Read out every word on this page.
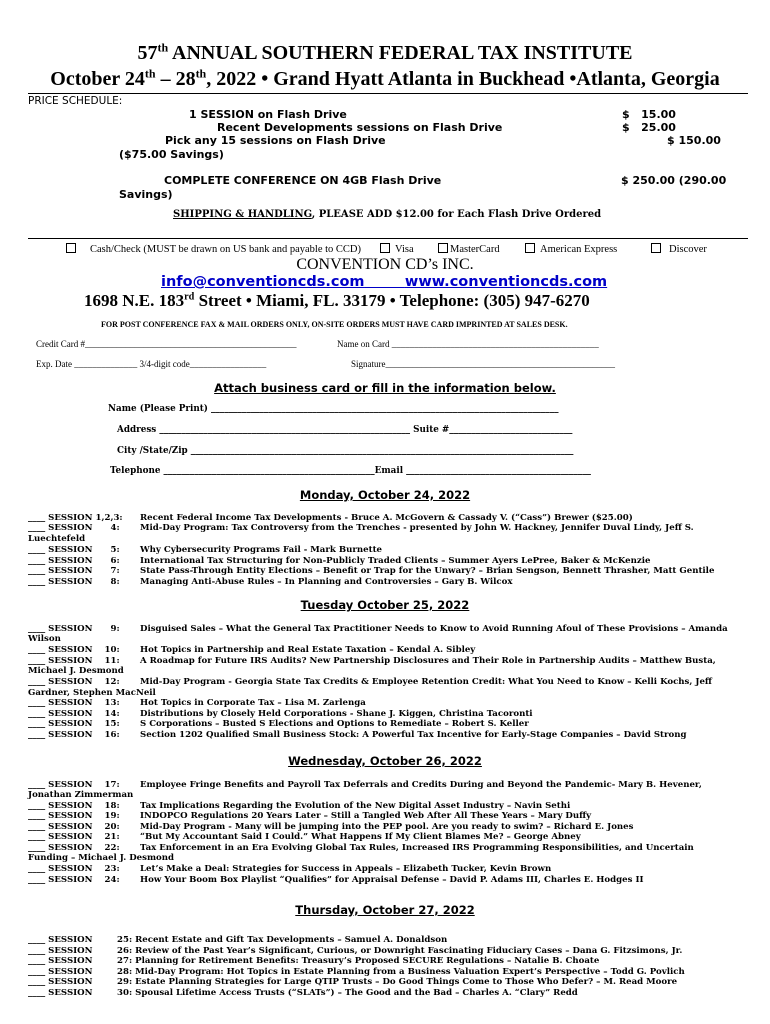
57th ANNUAL SOUTHERN FEDERAL TAX INSTITUTE
October 24th – 28th, 2022 • Grand Hyatt Atlanta in Buckhead •Atlanta, Georgia
PRICE SCHEDULE:
1 SESSION on Flash Drive	$   15.00
Recent Developments sessions on Flash Drive	$   25.00
Pick any 15 sessions on Flash Drive	$ 150.00
($75.00 Savings)
COMPLETE CONFERENCE ON 4GB Flash Drive	$ 250.00 (290.00
Savings)
SHIPPING & HANDLING, PLEASE ADD $12.00 for Each Flash Drive Ordered
Cash/Check (MUST be drawn on US bank and payable to CCD)	Visa	MasterCard	American Express	Discover
CONVENTION CD’s INC.
info@conventioncds.com	www.conventioncds.com
1698 N.E. 183rd Street • Miami, FL. 33179 • Telephone: (305) 947-6270
FOR POST CONFERENCE FAX & MAIL ORDERS ONLY, ON-SITE ORDERS MUST HAVE CARD IMPRINTED AT SALES DESK.
Credit Card #_______________________________________________	Name on Card ______________________________________________
Exp. Date ______________ 3/4-digit code_________________	Signature___________________________________________________
Attach business card or fill in the information below.
Name (Please Print) _______________________________________________________________________________
Address _________________________________________________________ Suite #____________________________
City /State/Zip _______________________________________________________________________________________
Telephone ________________________________________________Email __________________________________________
Monday, October 24, 2022
____ SESSION 1,2,3: Recent Federal Income Tax Developments - Bruce A. McGovern & Cassady V. (“Cass”) Brewer ($25.00)
____ SESSION      4: Mid-Day Program: Tax Controversy from the Trenches - presented by John W. Hackney, Jennifer Duval Lindy, Jeff S.
Luechtefeld
____ SESSION      5: Why Cybersecurity Programs Fail - Mark Burnette
____ SESSION      6: International Tax Structuring for Non-Publicly Traded Clients – Summer Ayers LePree, Baker & McKenzie
____ SESSION      7: State Pass-Through Entity Elections – Benefit or Trap for the Unwary? – Brian Sengson, Bennett Thrasher, Matt Gentile
____ SESSION      8: Managing Anti-Abuse Rules – In Planning and Controversies – Gary B. Wilcox
Tuesday October 25, 2022
____ SESSION      9: Disguised Sales – What the General Tax Practitioner Needs to Know to Avoid Running Afoul of These Provisions – Amanda
Wilson
____ SESSION    10: Hot Topics in Partnership and Real Estate Taxation – Kendal A. Sibley
____ SESSION    11: A Roadmap for Future IRS Audits? New Partnership Disclosures and Their Role in Partnership Audits – Matthew Busta,
Michael J. Desmond
____ SESSION    12: Mid-Day Program - Georgia State Tax Credits & Employee Retention Credit: What You Need to Know – Kelli Kochs, Jeff
Gardner, Stephen MacNeil
____ SESSION    13: Hot Topics in Corporate Tax – Lisa M. Zarlenga
____ SESSION    14: Distributions by Closely Held Corporations - Shane J. Kiggen, Christina Tacoronti
____ SESSION    15: S Corporations – Busted S Elections and Options to Remediate – Robert S. Keller
____ SESSION    16: Section 1202 Qualified Small Business Stock: A Powerful Tax Incentive for Early-Stage Companies – David Strong
Wednesday, October 26, 2022
____ SESSION    17: Employee Fringe Benefits and Payroll Tax Deferrals and Credits During and Beyond the Pandemic- Mary B. Hevener,
Jonathan Zimmerman
____ SESSION    18: Tax Implications Regarding the Evolution of the New Digital Asset Industry – Navin Sethi
____ SESSION    19: INDOPCO Regulations 20 Years Later – Still a Tangled Web After All These Years – Mary Duffy
____ SESSION    20: Mid-Day Program - Many will be jumping into the PEP pool. Are you ready to swim? – Richard E. Jones
____ SESSION    21: “But My Accountant Said I Could.” What Happens If My Client Blames Me? – George Abney
____ SESSION    22: Tax Enforcement in an Era Evolving Global Tax Rules, Increased IRS Programming Responsibilities, and Uncertain
Funding – Michael J. Desmond
____ SESSION    23: Let’s Make a Deal: Strategies for Success in Appeals – Elizabeth Tucker, Kevin Brown
____ SESSION    24: How Your Boom Box Playlist “Qualifies” for Appraisal Defense – David P. Adams III, Charles E. Hodges II
Thursday, October 27, 2022
____ SESSION	25: Recent Estate and Gift Tax Developments – Samuel A. Donaldson
____ SESSION	26: Review of the Past Year’s Significant, Curious, or Downright Fascinating Fiduciary Cases – Dana G. Fitzsimons, Jr.
____ SESSION	27: Planning for Retirement Benefits: Treasury’s Proposed SECURE Regulations – Natalie B. Choate
____ SESSION	28: Mid-Day Program: Hot Topics in Estate Planning from a Business Valuation Expert’s Perspective – Todd G. Povlich
____ SESSION	29: Estate Planning Strategies for Large QTIP Trusts – Do Good Things Come to Those Who Defer? – M. Read Moore
____ SESSION	30: Spousal Lifetime Access Trusts (“SLATs”) – The Good and the Bad – Charles A. “Clary” Redd
